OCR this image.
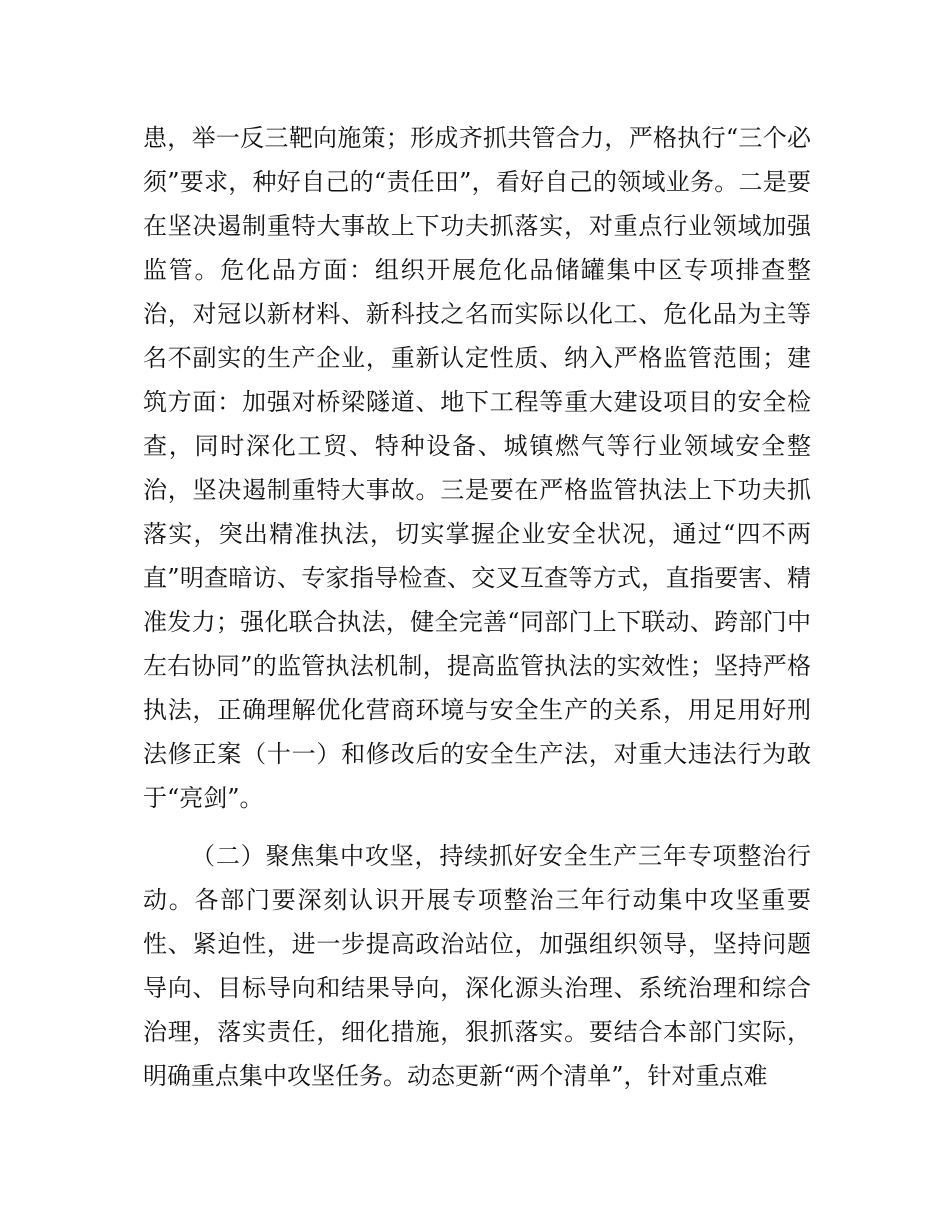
患，举一反三靶向施策；形成齐抓共管合力，严格执行“三个必须”要求，种好自己的“责任田”，看好自己的领域业务。二是要在坚决遏制重特大事故上下功夫抓落实，对重点行业领域加强监管。危化品方面：组织开展危化品储罐集中区专项排查整治，对冠以新材料、新科技之名而实际以化工、危化品为主等名不副实的生产企业，重新认定性质、纳入严格监管范围；建筑方面：加强对桥梁隧道、地下工程等重大建设项目的安全检查，同时深化工贸、特种设备、城镇燃气等行业领域安全整治，坚决遏制重特大事故。三是要在严格监管执法上下功夫抓落实，突出精准执法，切实掌握企业安全状况，通过“四不两直”明查暗访、专家指导检查、交叉互查等方式，直指要害、精准发力；强化联合执法，健全完善“同部门上下联动、跨部门中左右协同”的监管执法机制，提高监管执法的实效性；坚持严格执法，正确理解优化营商环境与安全生产的关系，用足用好刑法修正案（十一）和修改后的安全生产法，对重大违法行为敢于“亮剑”。

（二）聚焦集中攻坚，持续抓好安全生产三年专项整治行动。各部门要深刻认识开展专项整治三年行动集中攻坚重要性、紧迫性，进一步提高政治站位，加强组织领导，坚持问题导向、目标导向和结果导向，深化源头治理、系统治理和综合治理，落实责任，细化措施，狠抓落实。要结合本部门实际，明确重点集中攻坚任务。动态更新“两个清单”，针对重点难
